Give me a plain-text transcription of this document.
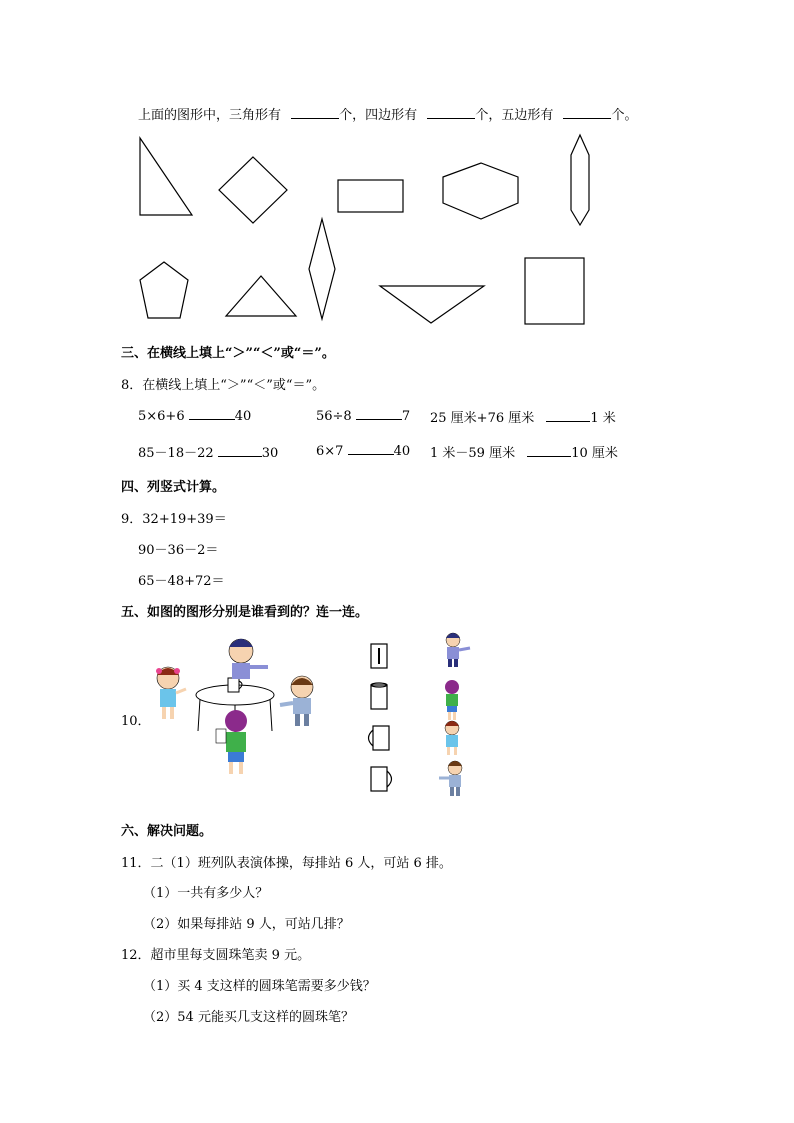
上面的图形中，三角形有	个，四边形有	个，五边形有	个。
三、在横线上填上“＞”“＜”或“＝”。
8．在横线上填上“＞”“＜”或“＝”。
5×6+6	40	56÷8	7 25 厘米+76 厘米	1 米
85－18－22	30	6×7	40 1 米－59 厘米	10 厘米
四、列竖式计算。
9．32+19+39＝
90－36－2＝
65－48+72＝
五、如图的图形分别是谁看到的？连一连。
10．
六、解决问题。
11．二（1）班列队表演体操，每排站 6 人，可站 6 排。
（1）一共有多少人？
（2）如果每排站 9 人，可站几排？
12．超市里每支圆珠笔卖 9 元。
（1）买 4 支这样的圆珠笔需要多少钱？
（2）54 元能买几支这样的圆珠笔？
